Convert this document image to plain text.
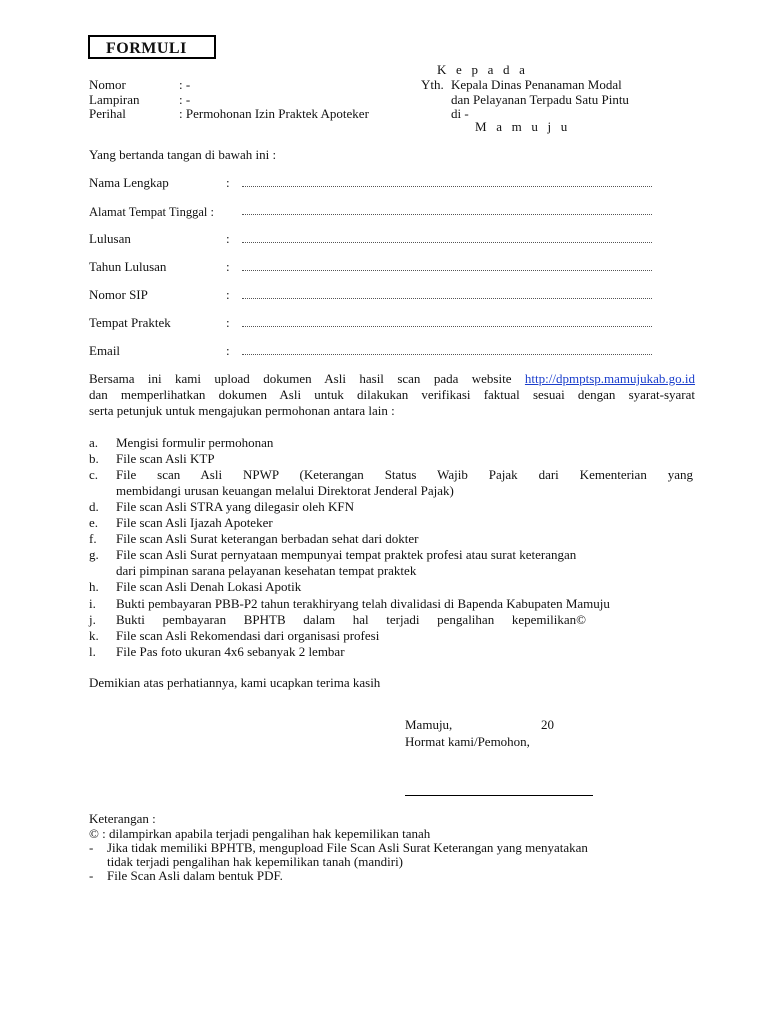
FORMULI
K e p a d a
Yth. Kepala Dinas Penanaman Modal
dan Pelayanan Terpadu Satu Pintu
di -
M a m u j u
Nomor	: -
Lampiran	: -
Perihal	: Permohonan Izin Praktek Apoteker
Yang bertanda tangan di bawah ini :
Nama Lengkap	:
Alamat Tempat Tinggal :
Lulusan	:
Tahun Lulusan	:
Nomor SIP	:
Tempat Praktek	:
Email	:
Bersama ini kami upload dokumen Asli hasil scan pada website http://dpmptsp.mamujukab.go.id
dan memperlihatkan dokumen Asli untuk dilakukan verifikasi faktual sesuai dengan syarat-syarat
serta petunjuk untuk mengajukan permohonan antara lain :
a. Mengisi formulir permohonan
b. File scan Asli KTP
c. File scan Asli NPWP (Keterangan Status Wajib Pajak dari Kementerian yang
membidangi urusan keuangan melalui Direktorat Jenderal Pajak)
d. File scan Asli STRA yang dilegasir oleh KFN
e. File scan Asli Ijazah Apoteker
f. File scan Asli Surat keterangan berbadan sehat dari dokter
g. File scan Asli Surat pernyataan mempunyai tempat praktek profesi atau surat keterangan
dari pimpinan sarana pelayanan kesehatan tempat praktek
h. File scan Asli Denah Lokasi Apotik
i. Bukti pembayaran PBB-P2 tahun terakhiryang telah divalidasi di Bapenda Kabupaten Mamuju
j. Bukti pembayaran BPHTB dalam hal terjadi pengalihan kepemilikan©
k. File scan Asli Rekomendasi dari organisasi profesi
l. File Pas foto ukuran 4x6 sebanyak 2 lembar
Demikian atas perhatiannya, kami ucapkan terima kasih
Mamuju,	20
Hormat kami/Pemohon,
Keterangan :
© : dilampirkan apabila terjadi pengalihan hak kepemilikan tanah
- Jika tidak memiliki BPHTB, mengupload File Scan Asli Surat Keterangan yang menyatakan
tidak terjadi pengalihan hak kepemilikan tanah (mandiri)
- File Scan Asli dalam bentuk PDF.
